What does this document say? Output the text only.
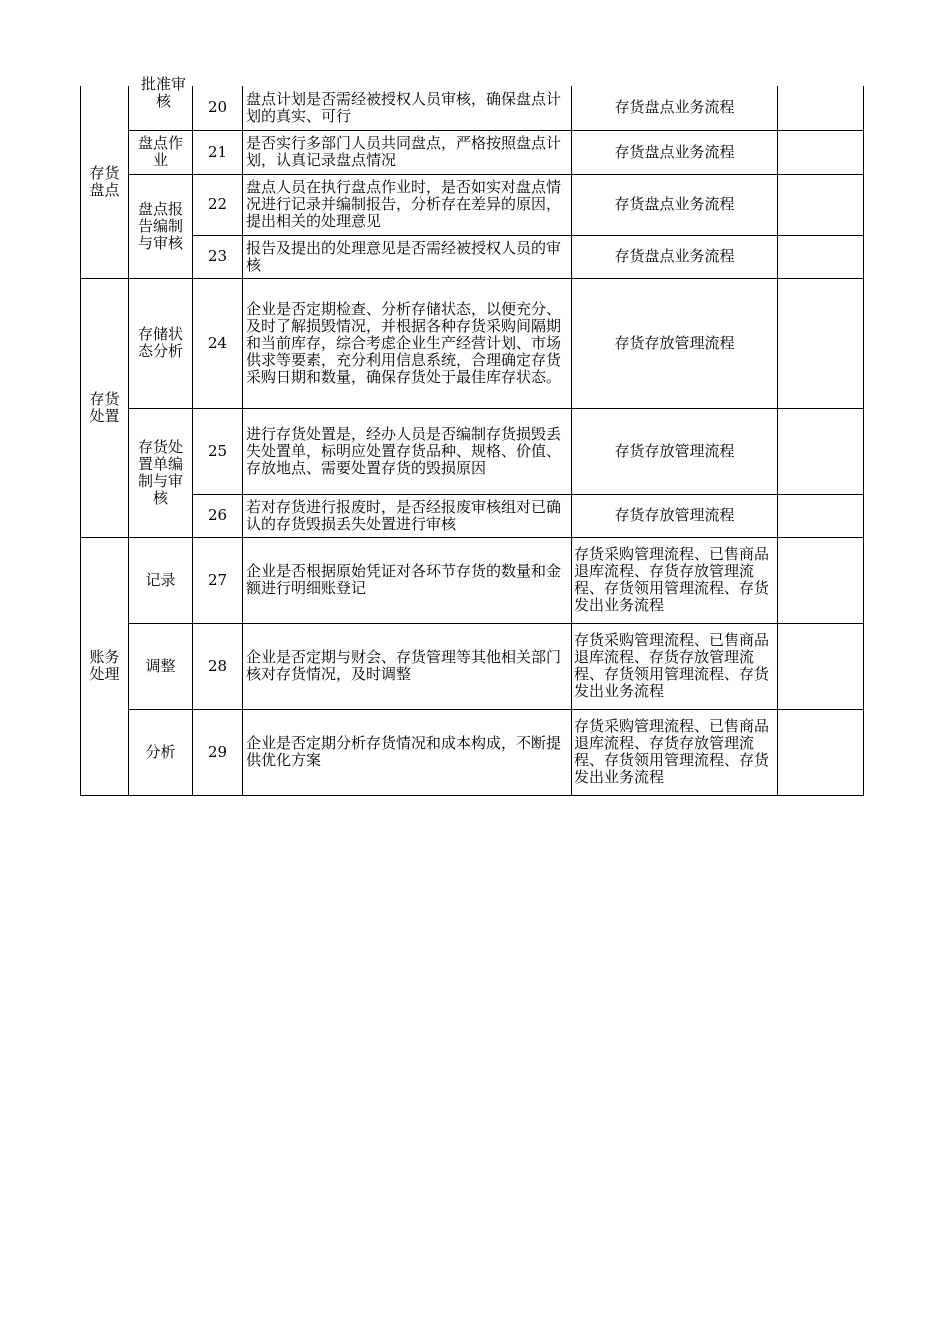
存货盘点	批准审核	20	盘点计划是否需经被授权人员审核，确保盘点计划的真实、可行	存货盘点业务流程	
	盘点作业	21	是否实行多部门人员共同盘点，严格按照盘点计划，认真记录盘点情况	存货盘点业务流程	
	盘点报告编制与审核	22	盘点人员在执行盘点作业时，是否如实对盘点情况进行记录并编制报告，分析存在差异的原因，提出相关的处理意见	存货盘点业务流程	
		23	报告及提出的处理意见是否需经被授权人员的审核	存货盘点业务流程	
存货处置	存储状态分析	24	企业是否定期检查、分析存储状态，以便充分、及时了解损毁情况，并根据各种存货采购间隔期和当前库存，综合考虑企业生产经营计划、市场供求等要素，充分利用信息系统，合理确定存货采购日期和数量，确保存货处于最佳库存状态。	存货存放管理流程	
	存货处置单编制与审核	25	进行存货处置是，经办人员是否编制存货损毁丢失处置单，标明应处置存货品种、规格、价值、存放地点、需要处置存货的毁损原因	存货存放管理流程	
		26	若对存货进行报废时，是否经报废审核组对已确认的存货毁损丢失处置进行审核	存货存放管理流程	
账务处理	记录	27	企业是否根据原始凭证对各环节存货的数量和金额进行明细账登记	存货采购管理流程、已售商品退库流程、存货存放管理流程、存货领用管理流程、存货发出业务流程	
	调整	28	企业是否定期与财会、存货管理等其他相关部门核对存货情况，及时调整	存货采购管理流程、已售商品退库流程、存货存放管理流程、存货领用管理流程、存货发出业务流程	
	分析	29	企业是否定期分析存货情况和成本构成，不断提供优化方案	存货采购管理流程、已售商品退库流程、存货存放管理流程、存货领用管理流程、存货发出业务流程	
